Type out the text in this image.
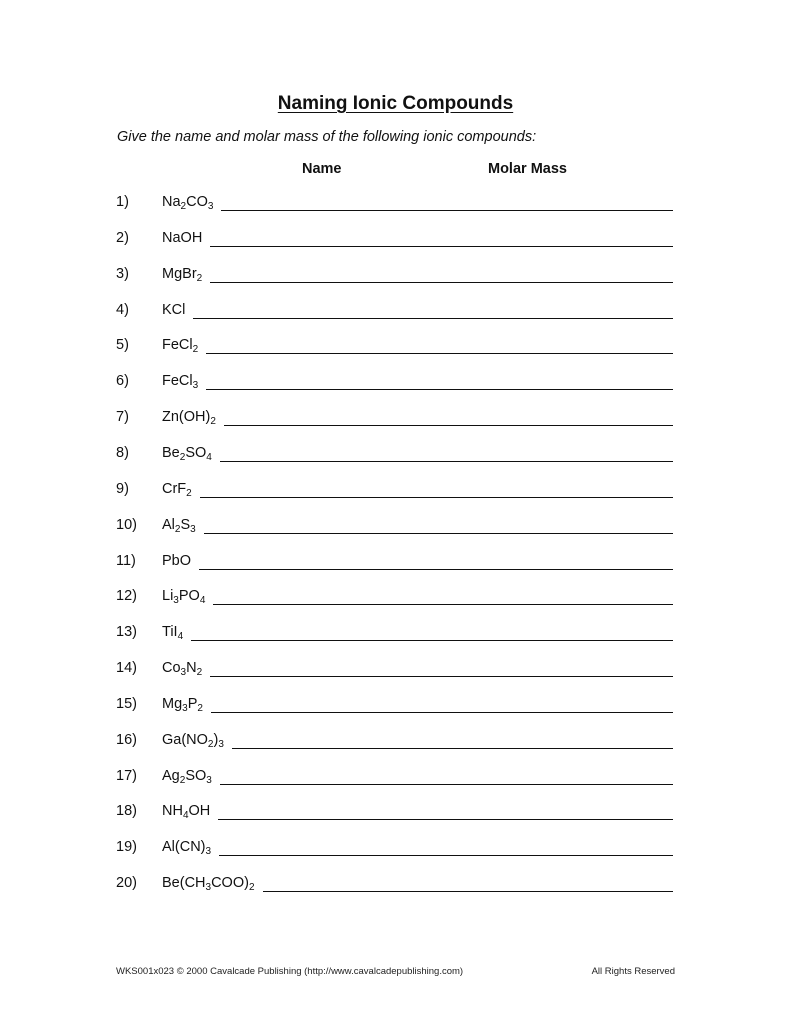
Naming Ionic Compounds
Give the name and molar mass of the following ionic compounds:
Name	Molar Mass
1) $Na_2CO_3$
2) NaOH
3) MgBr$_2$
4) KCl
5) FeCl$_2$
6) FeCl$_3$
7) $Zn(OH)_2$
8) $Be_2SO_4$
9) CrF$_2$
10) $Al_2S_3$
11) PbO
12) $Li_3PO_4$
13) TiI$_4$
14) $Co_3N_2$
15) $Mg_3P_2$
16) $Ga(NO_2)_3$
17) $Ag_2SO_3$
18) $NH_4OH$
19) $Al(CN)_3$
20) $Be(CH_3COO)_2$
WKS001x023 © 2000 Cavalcade Publishing (http://www.cavalcadepublishing.com)	All Rights Reserved
